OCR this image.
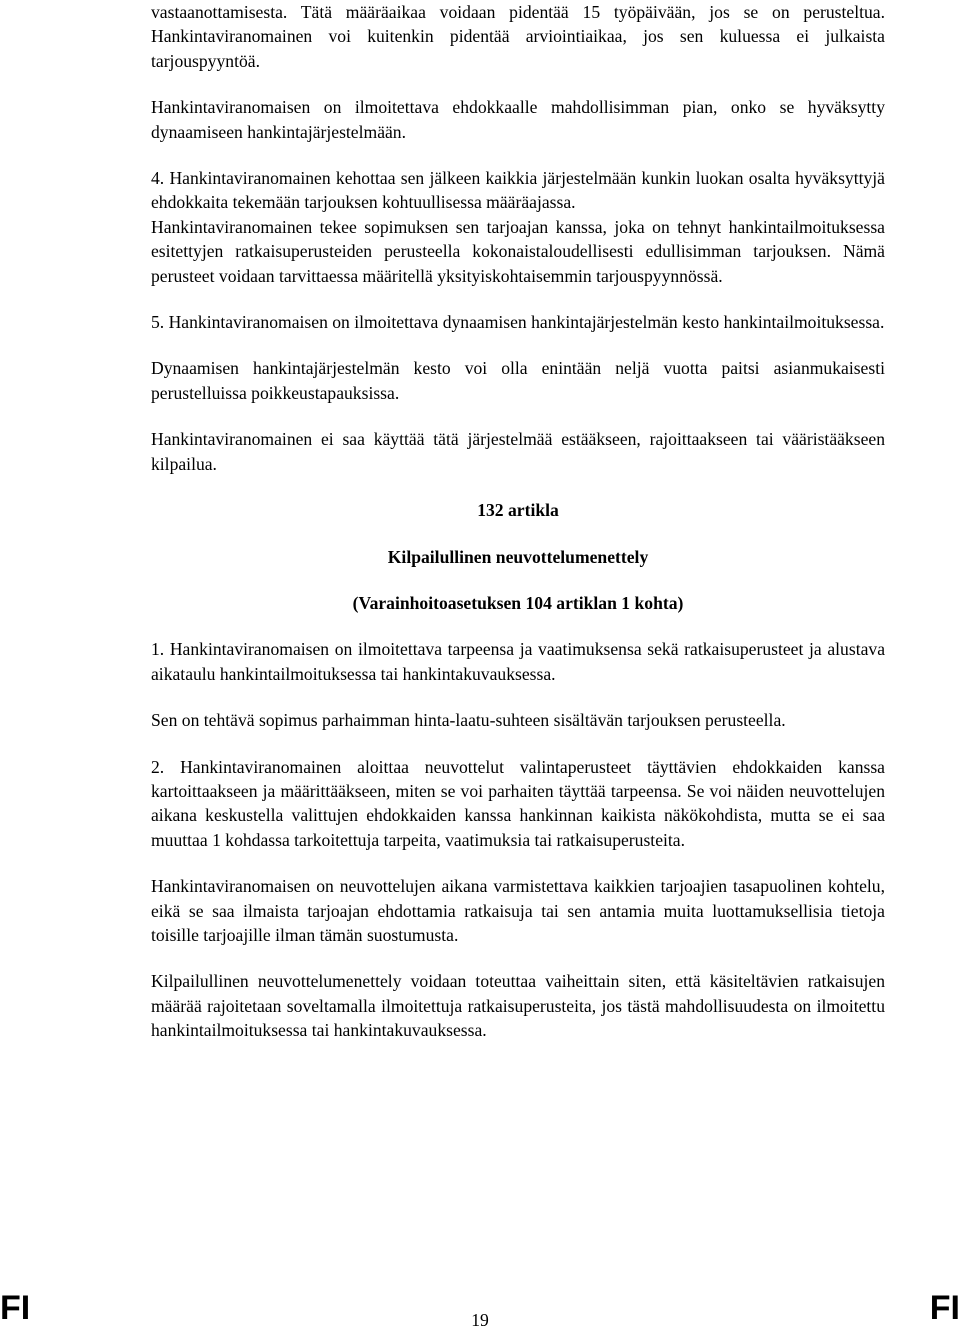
vastaanottamisesta. Tätä määräaikaa voidaan pidentää 15 työpäivään, jos se on perusteltua. Hankintaviranomainen voi kuitenkin pidentää arviointiaikaa, jos sen kuluessa ei julkaista tarjouspyyntöä.

Hankintaviranomaisen on ilmoitettava ehdokkaalle mahdollisimman pian, onko se hyväksytty dynaamiseen hankintajärjestelmään.

4. Hankintaviranomainen kehottaa sen jälkeen kaikkia järjestelmään kunkin luokan osalta hyväksyttyjä ehdokkaita tekemään tarjouksen kohtuullisessa määräajassa.

Hankintaviranomainen tekee sopimuksen sen tarjoajan kanssa, joka on tehnyt hankintailmoituksessa esitettyjen ratkaisuperusteiden perusteella kokonaistaloudellisesti edullisimman tarjouksen. Nämä perusteet voidaan tarvittaessa määritellä yksityiskohtaisemmin tarjouspyynnössä.

5. Hankintaviranomaisen on ilmoitettava dynaamisen hankintajärjestelmän kesto hankintailmoituksessa.

Dynaamisen hankintajärjestelmän kesto voi olla enintään neljä vuotta paitsi asianmukaisesti perustelluissa poikkeustapauksissa.

Hankintaviranomainen ei saa käyttää tätä järjestelmää estääkseen, rajoittaakseen tai vääristääkseen kilpailua.

132 artikla

Kilpailullinen neuvottelumenettely

(Varainhoitoasetuksen 104 artiklan 1 kohta)

1. Hankintaviranomaisen on ilmoitettava tarpeensa ja vaatimuksensa sekä ratkaisuperusteet ja alustava aikataulu hankintailmoituksessa tai hankintakuvauksessa.

Sen on tehtävä sopimus parhaimman hinta-laatu-suhteen sisältävän tarjouksen perusteella.

2. Hankintaviranomainen aloittaa neuvottelut valintaperusteet täyttävien ehdokkaiden kanssa kartoittaakseen ja määrittääkseen, miten se voi parhaiten täyttää tarpeensa. Se voi näiden neuvottelujen aikana keskustella valittujen ehdokkaiden kanssa hankinnan kaikista näkökohdista, mutta se ei saa muuttaa 1 kohdassa tarkoitettuja tarpeita, vaatimuksia tai ratkaisuperusteita.

Hankintaviranomaisen on neuvottelujen aikana varmistettava kaikkien tarjoajien tasapuolinen kohtelu, eikä se saa ilmaista tarjoajan ehdottamia ratkaisuja tai sen antamia muita luottamuksellisia tietoja toisille tarjoajille ilman tämän suostumusta.

Kilpailullinen neuvottelumenettely voidaan toteuttaa vaiheittain siten, että käsiteltävien ratkaisujen määrää rajoitetaan soveltamalla ilmoitettuja ratkaisuperusteita, jos tästä mahdollisuudesta on ilmoitettu hankintailmoituksessa tai hankintakuvauksessa.

FI	19	FI
